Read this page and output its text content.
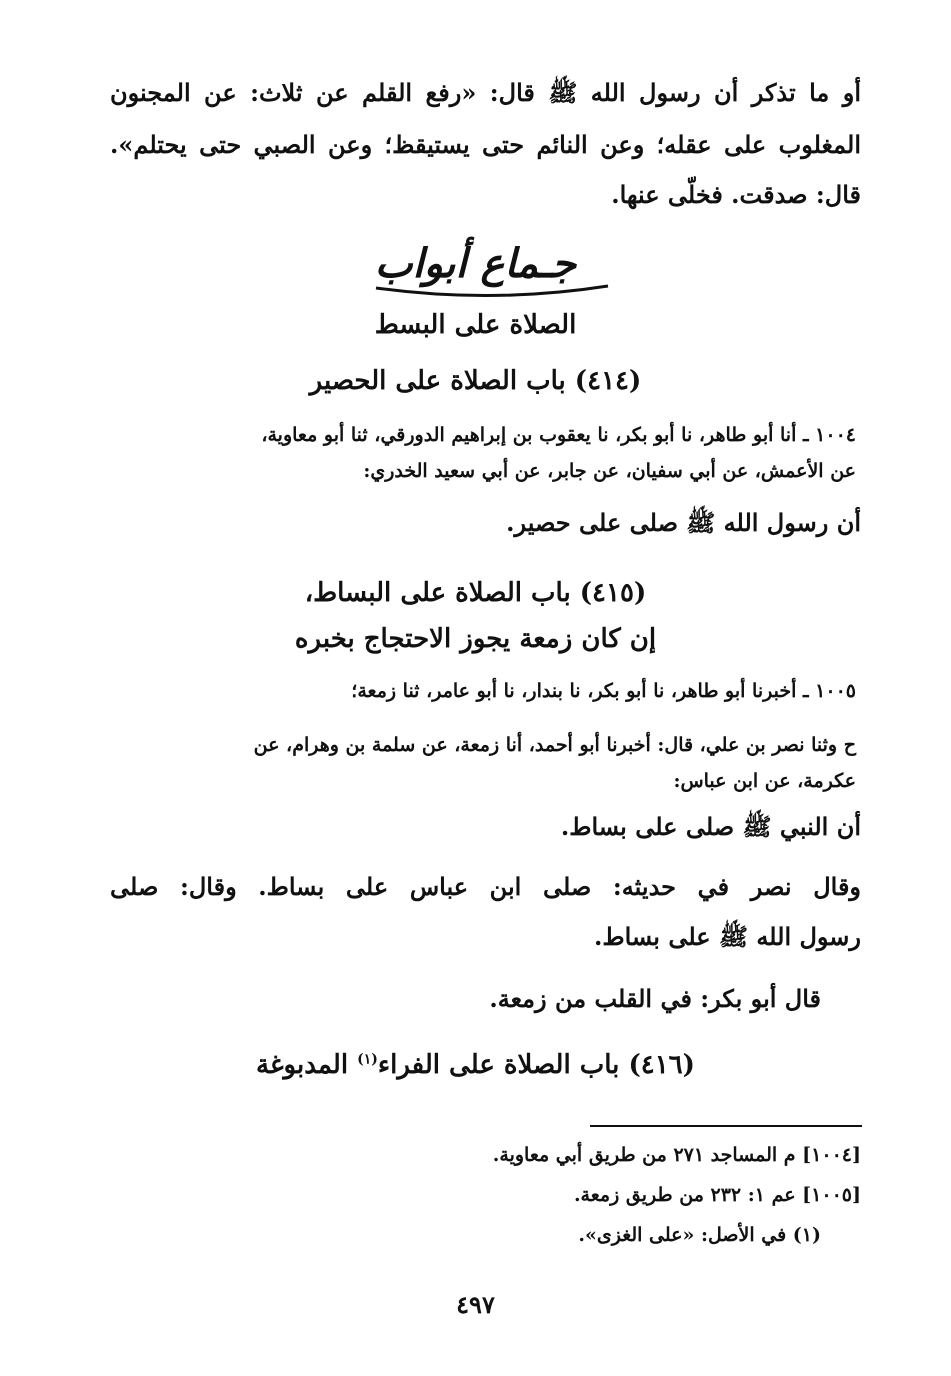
أو ما تذكر أن رسول الله ﷺ قال: «رفع القلم عن ثلاث: عن المجنون
المغلوب على عقله؛ وعن النائم حتى يستيقظ؛ وعن الصبي حتى يحتلم».
قال: صدقت. فخلّى عنها.
جـماع أبواب
الصلاة على البسط
(٤١٤) باب الصلاة على الحصير
١٠٠٤ ـ أنا أبو طاهر، نا أبو بكر، نا يعقوب بن إبراهيم الدورقي، ثنا أبو معاوية،
عن الأعمش، عن أبي سفيان، عن جابر، عن أبي سعيد الخدري:
أن رسول الله ﷺ صلى على حصير.
(٤١٥) باب الصلاة على البساط،
إن كان زمعة يجوز الاحتجاج بخبره
١٠٠٥ ـ أخبرنا أبو طاهر، نا أبو بكر، نا بندار، نا أبو عامر، ثنا زمعة؛
ح وثنا نصر بن علي، قال: أخبرنا أبو أحمد، أنا زمعة، عن سلمة بن وهرام، عن
عكرمة، عن ابن عباس:
أن النبي ﷺ صلى على بساط.
وقال نصر في حديثه: صلى ابن عباس على بساط. وقال: صلى
رسول الله ﷺ على بساط.
قال أبو بكر: في القلب من زمعة.
(٤١٦) باب الصلاة على الفراء$^{(١)}$ المدبوغة
[١٠٠٤] م المساجد ٢٧١ من طريق أبي معاوية.
[١٠٠٥] عم ١: ٢٣٢ من طريق زمعة.
(١) في الأصل: «على الغزى».
٤٩٧
